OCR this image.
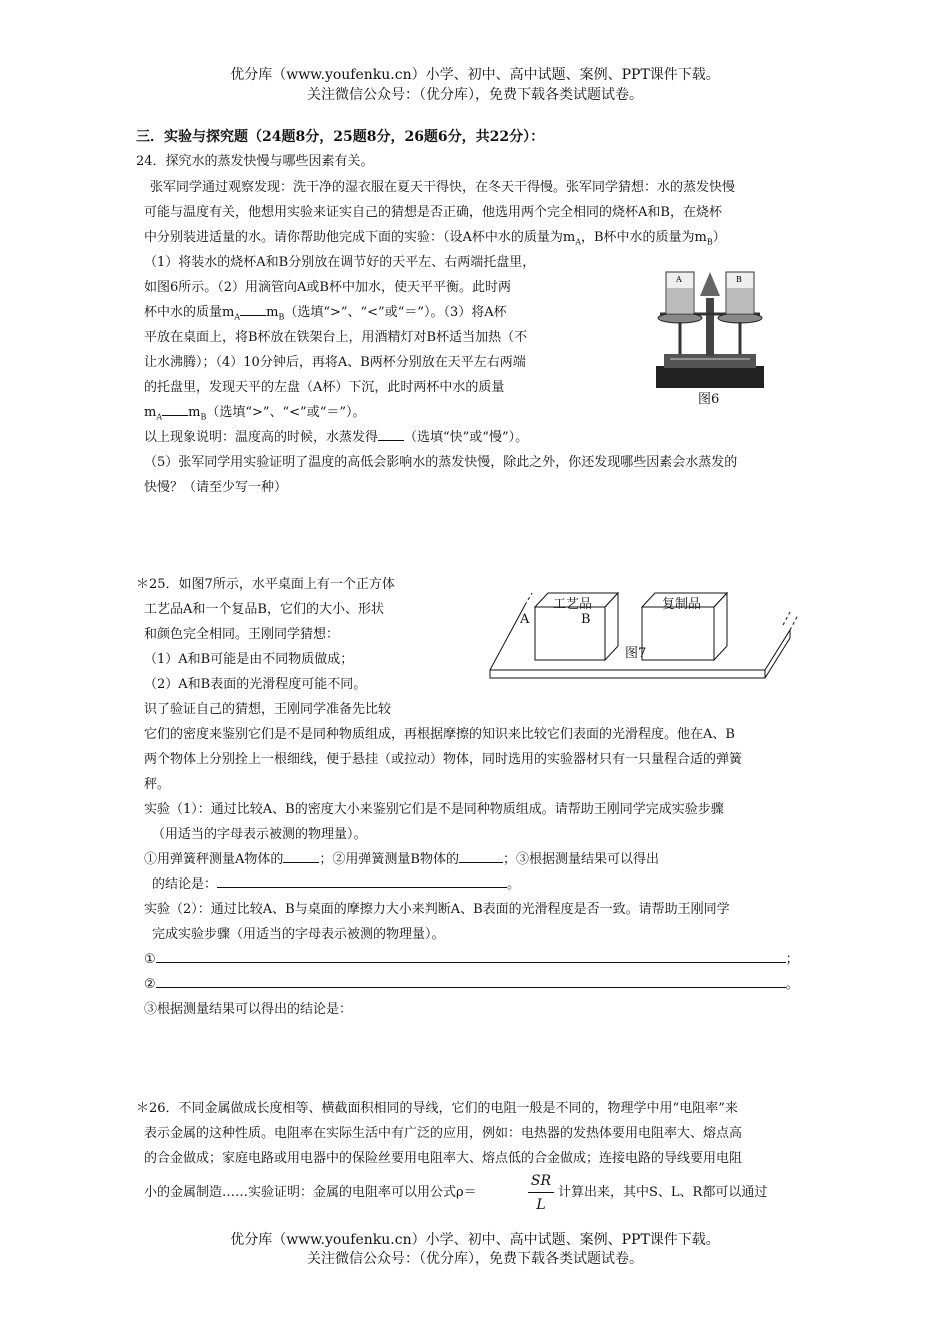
优分库（www.youfenku.cn）小学、初中、高中试题、案例、PPT课件下载。
关注微信公众号：（优分库），免费下载各类试题试卷。
三．实验与探究题（24题8分，25题8分，26题6分，共22分）：
24．探究水的蒸发快慢与哪些因素有关。
张军同学通过观察发现：洗干净的湿衣服在夏天干得快，在冬天干得慢。张军同学猜想：水的蒸发快慢
可能与温度有关，他想用实验来证实自己的猜想是否正确，他选用两个完全相同的烧杯A和B，在烧杯
中分别装进适量的水。请你帮助他完成下面的实验：（设A杯中水的质量为$m_A$，B杯中水的质量为$m_B$）
（1）将装水的烧杯A和B分别放在调节好的天平左、右两端托盘里，
如图6所示。（2）用滴管向A或B杯中加水，使天平平衡。此时两
杯中水的质量$m_A$ $m_B$（选填“>”、“<”或“＝”）。（3）将A杯
平放在桌面上，将B杯放在铁架台上，用酒精灯对B杯适当加热（不
让水沸腾）；（4）10分钟后，再将A、B两杯分别放在天平左右两端
的托盘里，发现天平的左盘（A杯）下沉，此时两杯中水的质量
$m_A$ $m_B$（选填“>”、“<”或“＝”）。
以上现象说明：温度高的时候，水蒸发得 （选填“快”或“慢”）。
（5）张军同学用实验证明了温度的高低会影响水的蒸发快慢，除此之外，你还发现哪些因素会水蒸发的
快慢？（请至少写一种）
A	B
图6
＊25．如图7所示，水平桌面上有一个正方体
工艺品A和一个复品B，它们的大小、形状
和颜色完全相同。王刚同学猜想：
（1）A和B可能是由不同物质做成；
（2）A和B表面的光滑程度可能不同。
识了验证自己的猜想，王刚同学准备先比较
它们的密度来鉴别它们是不是同种物质组成，再根据摩擦的知识来比较它们表面的光滑程度。他在A、B
两个物体上分别拴上一根细线，便于悬挂（或拉动）物体，同时选用的实验器材只有一只量程合适的弹簧
秤。
实验（1）：通过比较A、B的密度大小来鉴别它们是不是同种物质组成。请帮助王刚同学完成实验步骤
（用适当的字母表示被测的物理量）。
①用弹簧秤测量A物体的	；②用弹簧测量B物体的	；③根据测量结果可以得出
的结论是：	。
实验（2）：通过比较A、B与桌面的摩擦力大小来判断A、B表面的光滑程度是否一致。请帮助王刚同学
完成实验步骤（用适当的字母表示被测的物理量）。
①	；
②	。
③根据测量结果可以得出的结论是：
工艺品	复制品
A	B
图7
＊26．不同金属做成长度相等、横截面积相同的导线，它们的电阻一般是不同的，物理学中用“电阻率”来
表示金属的这种性质。电阻率在实际生活中有广泛的应用，例如：电热器的发热体要用电阻率大、熔点高
的合金做成；家庭电路或用电器中的保险丝要用电阻率大、熔点低的合金做成；连接电路的导线要用电阻
小的金属制造……实验证明：金属的电阻率可以用公式ρ＝
SR
L
计算出来，其中S、L、R都可以通过
优分库（www.youfenku.cn）小学、初中、高中试题、案例、PPT课件下载。
关注微信公众号：（优分库），免费下载各类试题试卷。
